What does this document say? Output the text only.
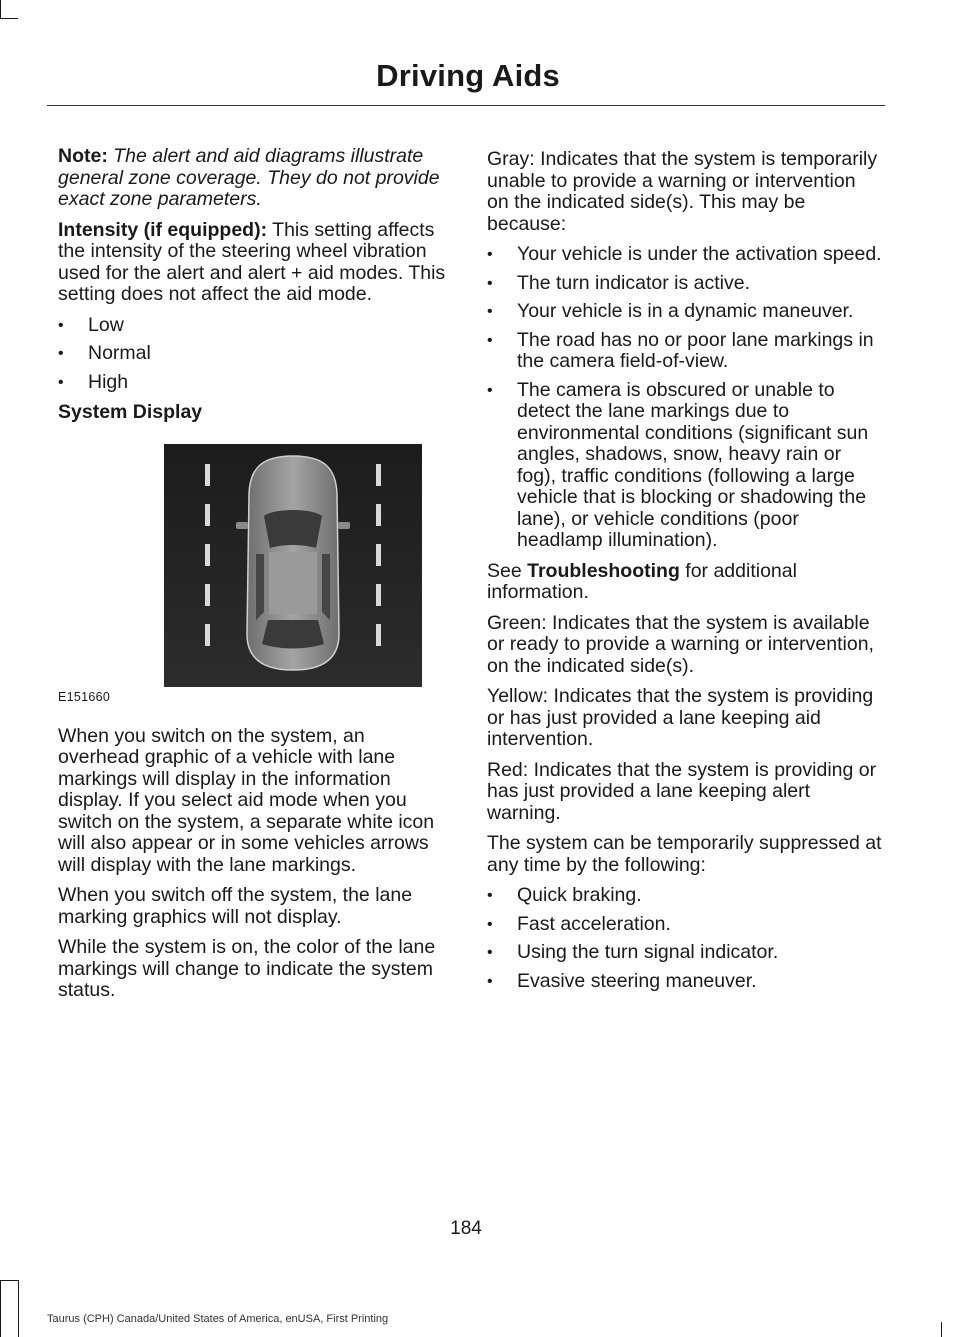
Driving Aids

Note: The alert and aid diagrams illustrate general zone coverage. They do not provide exact zone parameters.

Intensity (if equipped): This setting affects the intensity of the steering wheel vibration used for the alert and alert + aid modes. This setting does not affect the aid mode.

• Low
• Normal
• High
System Display
E151660

When you switch on the system, an overhead graphic of a vehicle with lane markings will display in the information display. If you select aid mode when you switch on the system, a separate white icon will also appear or in some vehicles arrows will display with the lane markings.

When you switch off the system, the lane marking graphics will not display.

While the system is on, the color of the lane markings will change to indicate the system status.

Gray: Indicates that the system is temporarily unable to provide a warning or intervention on the indicated side(s). This may be because:

• Your vehicle is under the activation speed.
• The turn indicator is active.
• Your vehicle is in a dynamic maneuver.
• The road has no or poor lane markings in the camera field-of-view.
• The camera is obscured or unable to detect the lane markings due to environmental conditions (significant sun angles, shadows, snow, heavy rain or fog), traffic conditions (following a large vehicle that is blocking or shadowing the lane), or vehicle conditions (poor headlamp illumination).

See Troubleshooting for additional information.

Green: Indicates that the system is available or ready to provide a warning or intervention, on the indicated side(s).

Yellow: Indicates that the system is providing or has just provided a lane keeping aid intervention.

Red: Indicates that the system is providing or has just provided a lane keeping alert warning.

The system can be temporarily suppressed at any time by the following:

• Quick braking.
• Fast acceleration.
• Using the turn signal indicator.
• Evasive steering maneuver.
184
Taurus (CPH) Canada/United States of America, enUSA, First Printing
